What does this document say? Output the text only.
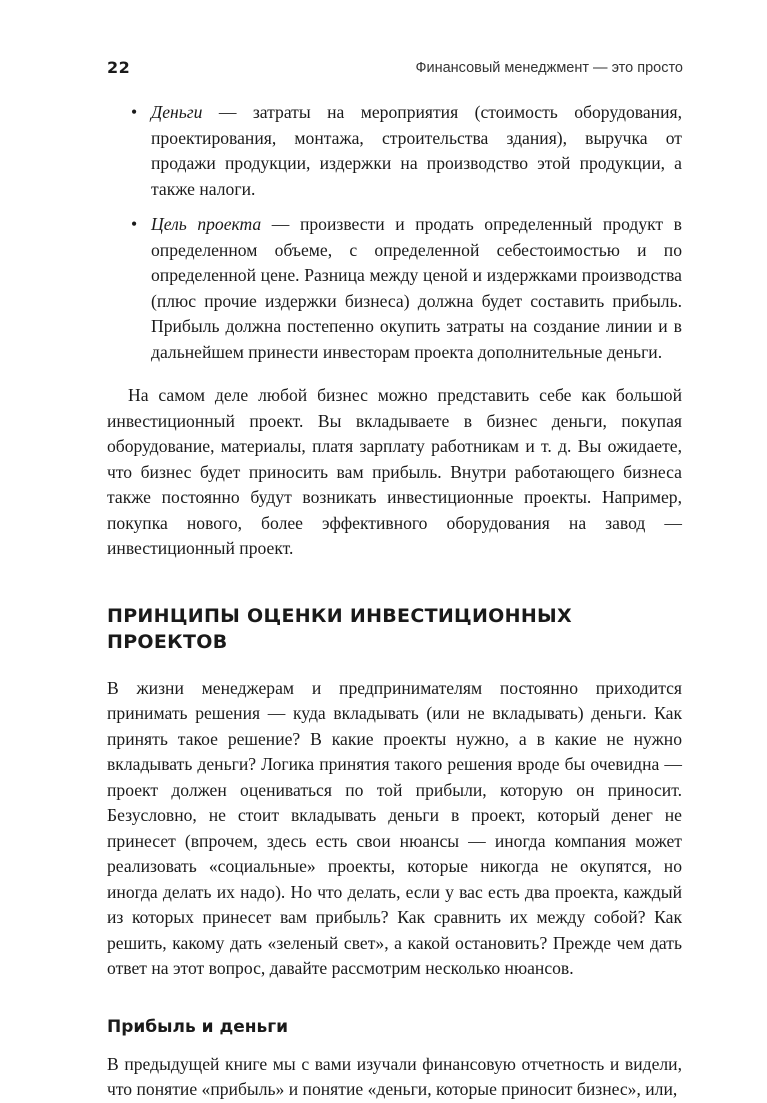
22	Финансовый менеджмент — это просто
• Деньги — затраты на мероприятия (стоимость оборудования, проектирования, монтажа, строительства здания), выручка от продажи продукции, издержки на производство этой продукции, а также налоги.
• Цель проекта — произвести и продать определенный продукт в определенном объеме, с определенной себестоимостью и по определенной цене. Разница между ценой и издержками производства (плюс прочие издержки бизнеса) должна будет составить прибыль. Прибыль должна постепенно окупить затраты на создание линии и в дальнейшем принести инвесторам проекта дополнительные деньги.

На самом деле любой бизнес можно представить себе как большой инвестиционный проект. Вы вкладываете в бизнес деньги, покупая оборудование, материалы, платя зарплату работникам и т. д. Вы ожидаете, что бизнес будет приносить вам прибыль. Внутри работающего бизнеса также постоянно будут возникать инвестиционные проекты. Например, покупка нового, более эффективного оборудования на завод — инвестиционный проект.

ПРИНЦИПЫ ОЦЕНКИ ИНВЕСТИЦИОННЫХ ПРОЕКТОВ

В жизни менеджерам и предпринимателям постоянно приходится принимать решения — куда вкладывать (или не вкладывать) деньги. Как принять такое решение? В какие проекты нужно, а в какие не нужно вкладывать деньги? Логика принятия такого решения вроде бы очевидна — проект должен оцениваться по той прибыли, которую он приносит. Безусловно, не стоит вкладывать деньги в проект, который денег не принесет (впрочем, здесь есть свои нюансы — иногда компания может реализовать «социальные» проекты, которые никогда не окупятся, но иногда делать их надо). Но что делать, если у вас есть два проекта, каждый из которых принесет вам прибыль? Как сравнить их между собой? Как решить, какому дать «зеленый свет», а какой остановить? Прежде чем дать ответ на этот вопрос, давайте рассмотрим несколько нюансов.

Прибыль и деньги

В предыдущей книге мы с вами изучали финансовую отчетность и видели, что понятие «прибыль» и понятие «деньги, которые приносит бизнес», или,
